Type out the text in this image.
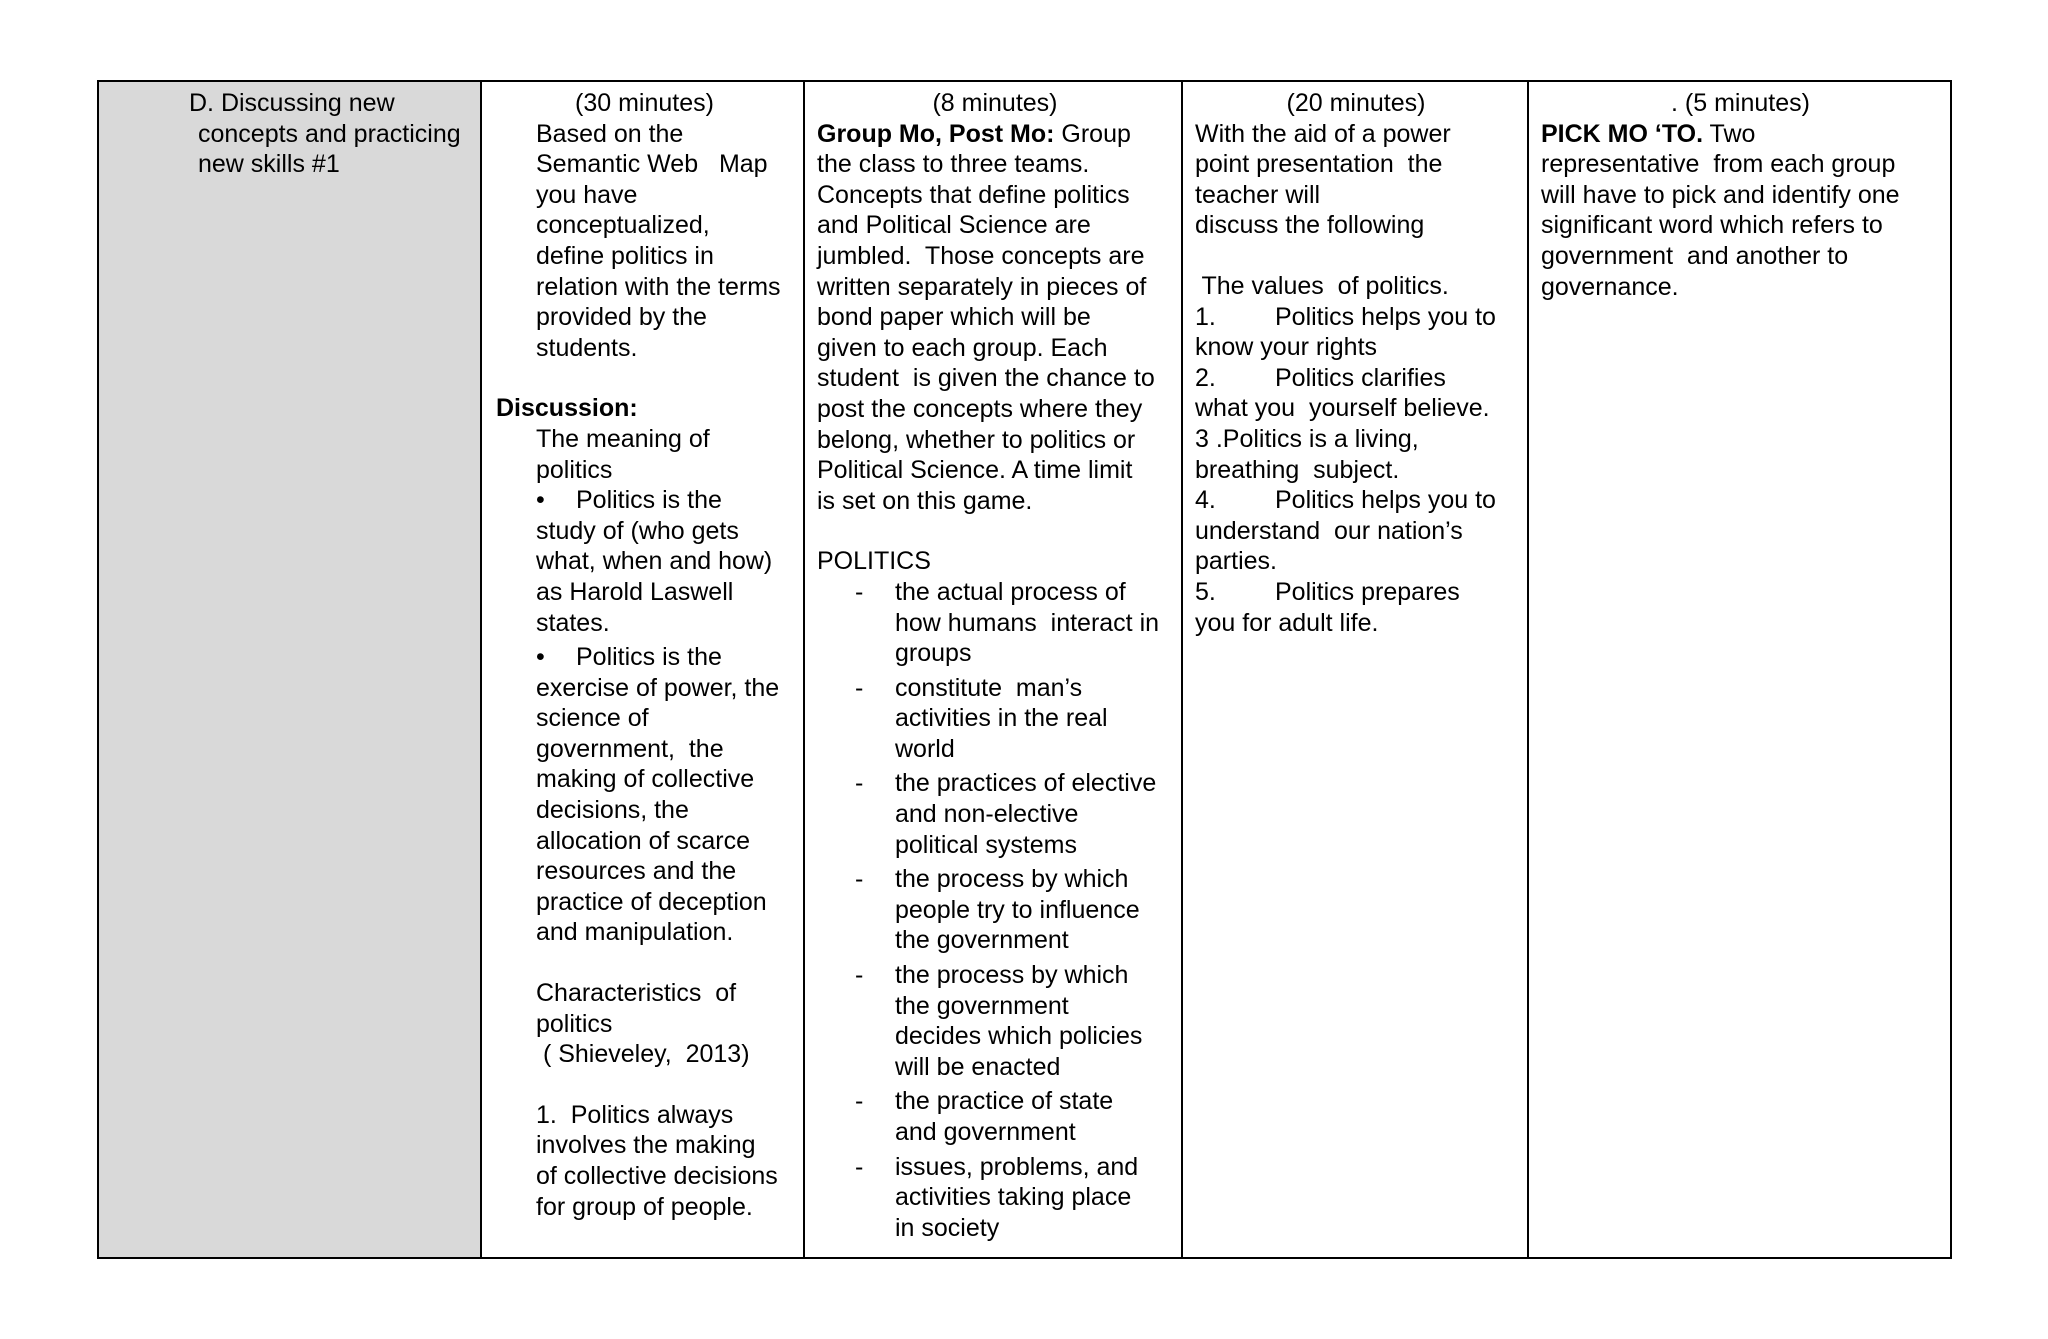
D. Discussing new
concepts and practicing
new skills #1

(30 minutes)
Based on the
Semantic Web   Map
you have
conceptualized,
define politics in
relation with the terms
provided by the
students.
Discussion:
The meaning of
politics
• Politics is the
study of (who gets
what, when and how)
as Harold Laswell
states.
• Politics is the
exercise of power, the
science of
government,  the
making of collective
decisions, the
allocation of scarce
resources and the
practice of deception
and manipulation.
Characteristics  of
politics
( Shieveley,  2013)
1.  Politics always
involves the making
of collective decisions
for group of people.

(8 minutes)
Group Mo, Post Mo: Group
the class to three teams.
Concepts that define politics
and Political Science are
jumbled.  Those concepts are
written separately in pieces of
bond paper which will be
given to each group. Each
student  is given the chance to
post the concepts where they
belong, whether to politics or
Political Science. A time limit
is set on this game.
POLITICS
-	the actual process of
how humans  interact in
groups
-	constitute  man’s
activities in the real
world
-	the practices of elective
and non-elective
political systems
-	the process by which
people try to influence
the government
-	the process by which
the government
decides which policies
will be enacted
-	the practice of state
and government
-	issues, problems, and
activities taking place
in society

(20 minutes)
With the aid of a power
point presentation  the
teacher will
discuss the following
The values  of politics.
1.	Politics helps you to
know your rights
2.	Politics clarifies
what you  yourself believe.
3 .Politics is a living,
breathing  subject.
4.	Politics helps you to
understand  our nation’s
parties.
5.	Politics prepares
you for adult life.

. (5 minutes)
PICK MO ‘TO. Two
representative  from each group
will have to pick and identify one
significant word which refers to
government  and another to
governance.
